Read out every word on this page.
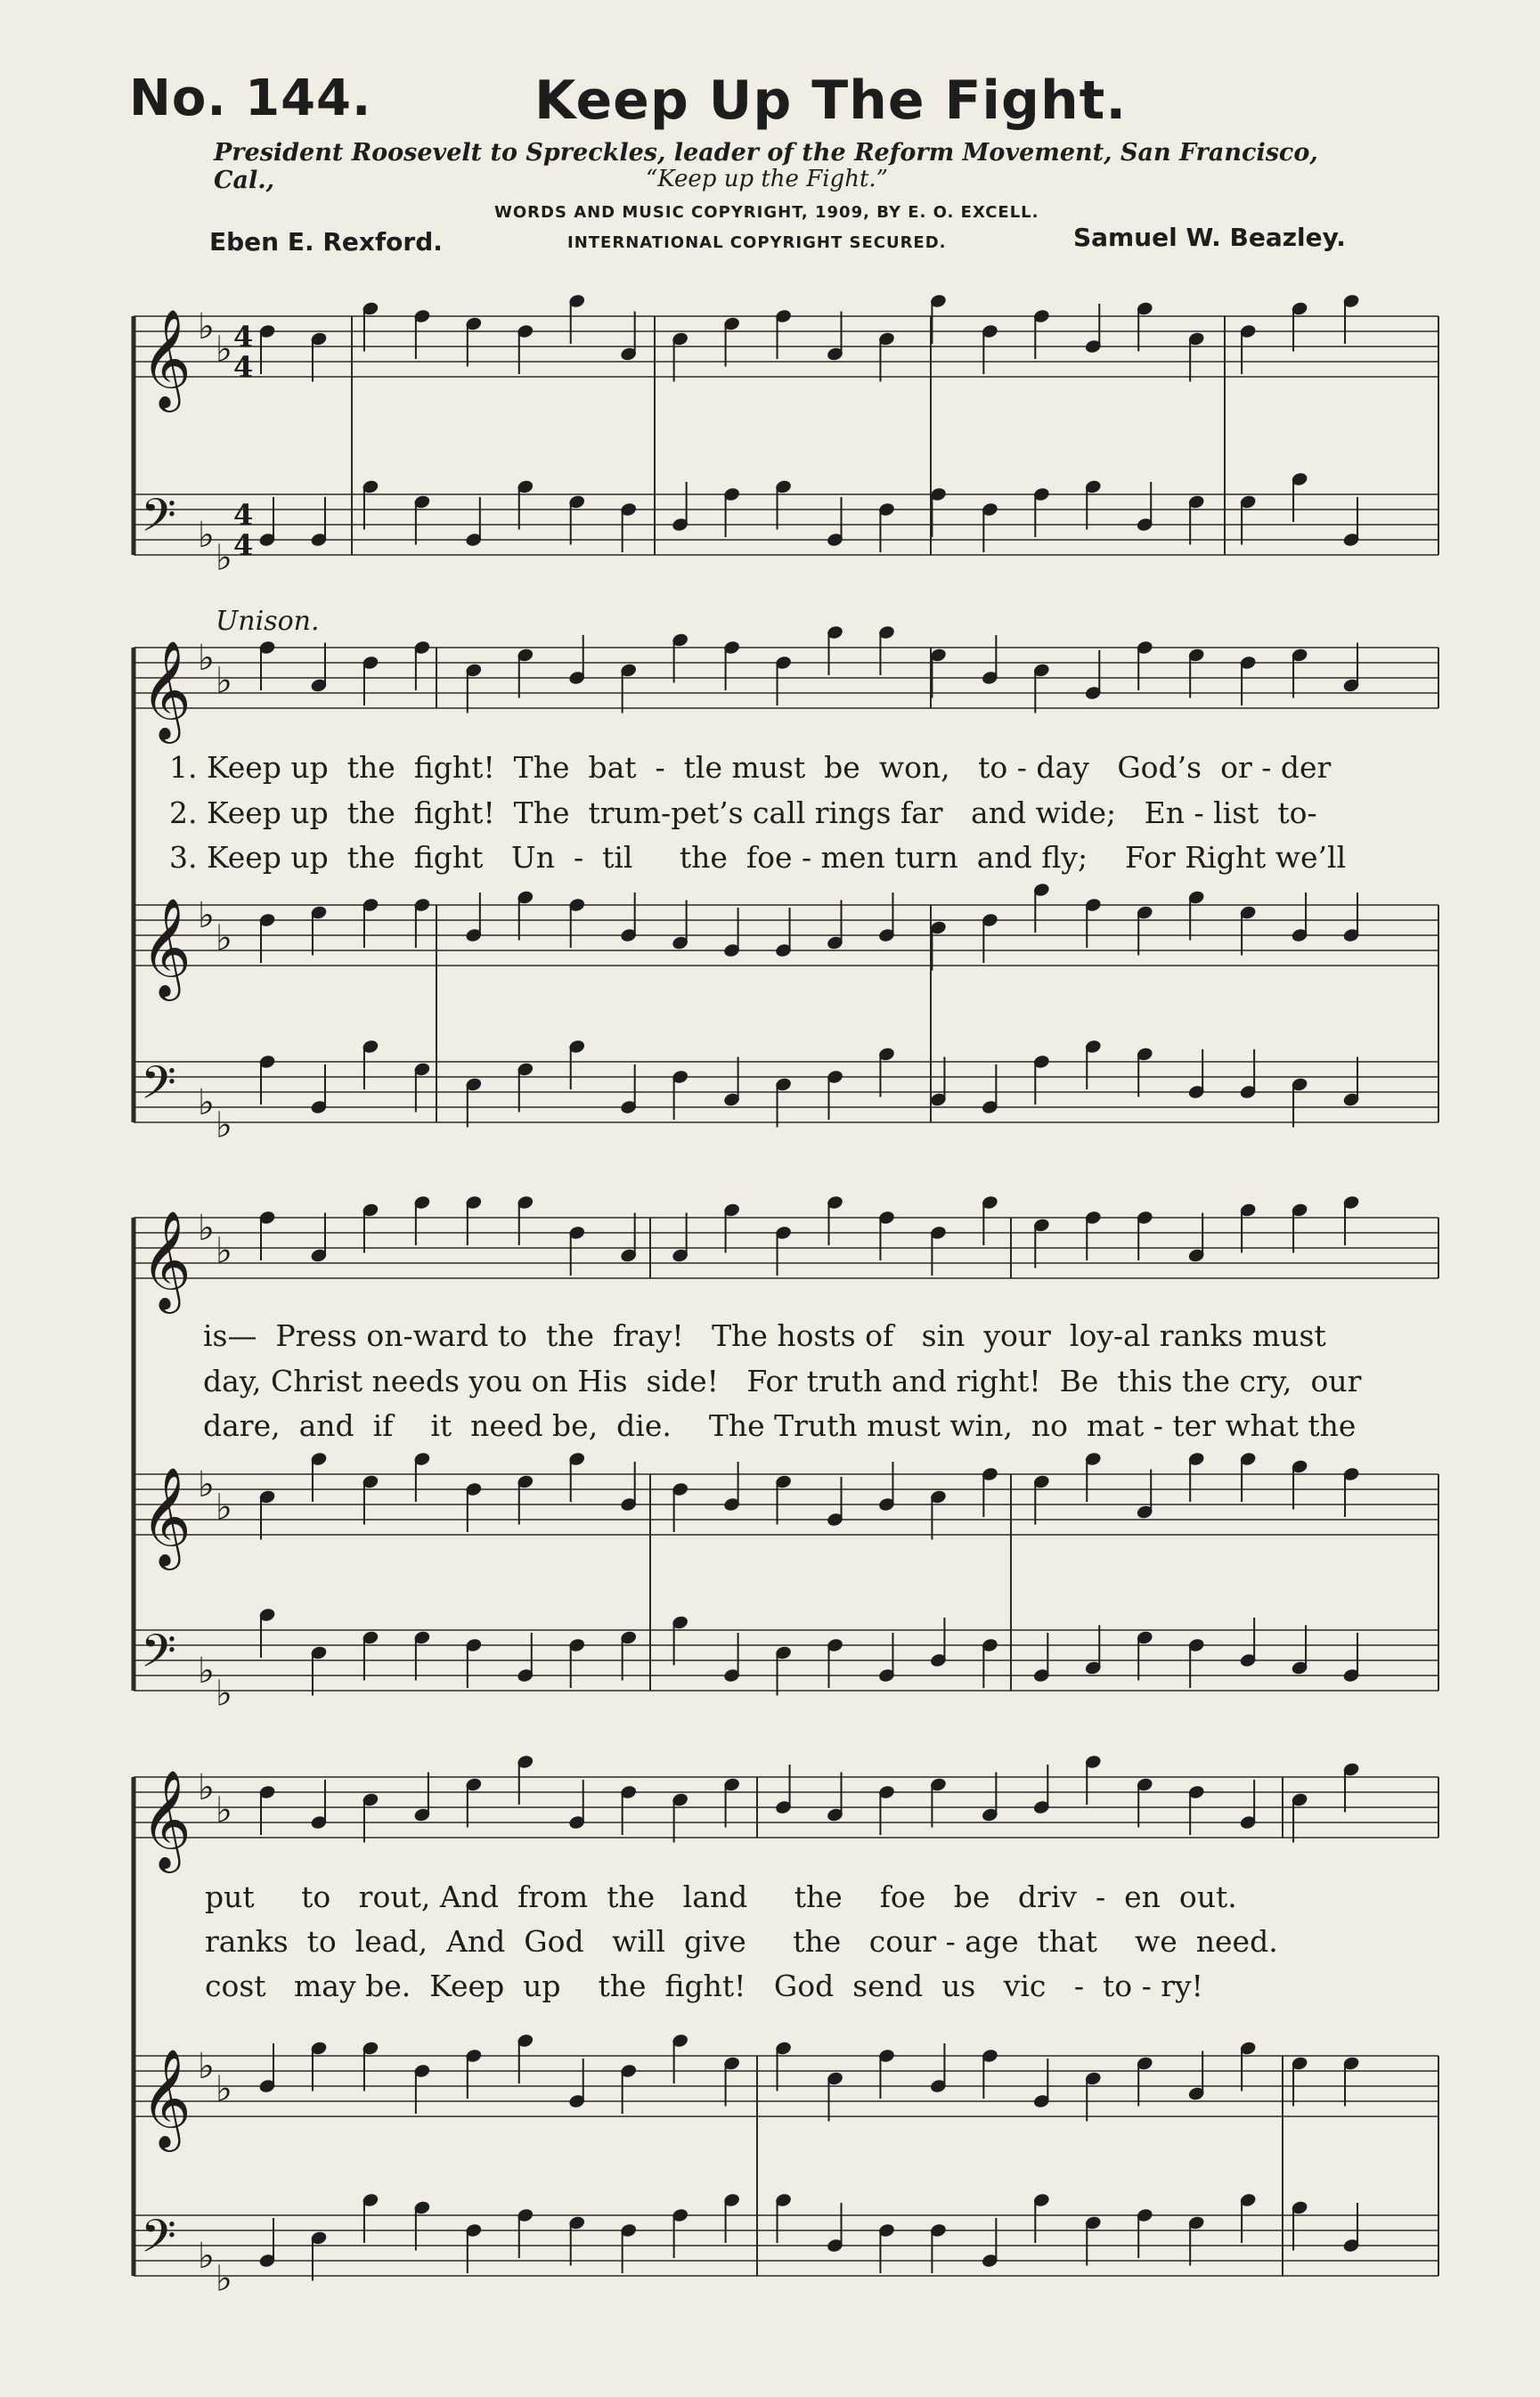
No. 144.	Keep Up The Fight.
President Roosevelt to Spreckles, leader of the Reform Movement, San Francisco, Cal.,	“Keep up the Fight.”
WORDS AND MUSIC COPYRIGHT, 1909, BY E. O. EXCELL.
Eben E. Rexford.	INTERNATIONAL COPYRIGHT SECURED.	Samuel W. Beazley.
𝄞 ♭
♭
𝄢 ♭
♭
𝄞 ♭
♭
𝄞 ♭
♭
𝄢 ♭
♭
𝄞 ♭
♭
𝄞 ♭
♭
𝄢 ♭
♭
𝄞 ♭
♭
𝄞 ♭
♭
𝄢 ♭
♭
4
4
4
4
Unison.
1. Keep up  the  fight!  The  bat  -  tle must  be  won,   to - day   God’s  or - der
2. Keep up  the  fight!  The  trum-pet’s call rings far   and wide;   En - list  to-
3. Keep up  the  fight   Un  -  til     the  foe - men turn  and fly;    For Right we’ll
is—  Press on-ward to  the  fray!   The hosts of   sin  your  loy-al ranks must
day, Christ needs you on His  side!   For truth and right!  Be  this the cry,  our
dare,  and  if    it  need be,  die.    The Truth must win,  no  mat - ter what the
put     to   rout, And  from  the   land     the    foe   be   driv  -  en  out.
ranks  to  lead,  And  God   will  give     the   cour - age  that    we  need.
cost   may be.  Keep  up    the  fight!   God  send  us   vic   -  to - ry!
